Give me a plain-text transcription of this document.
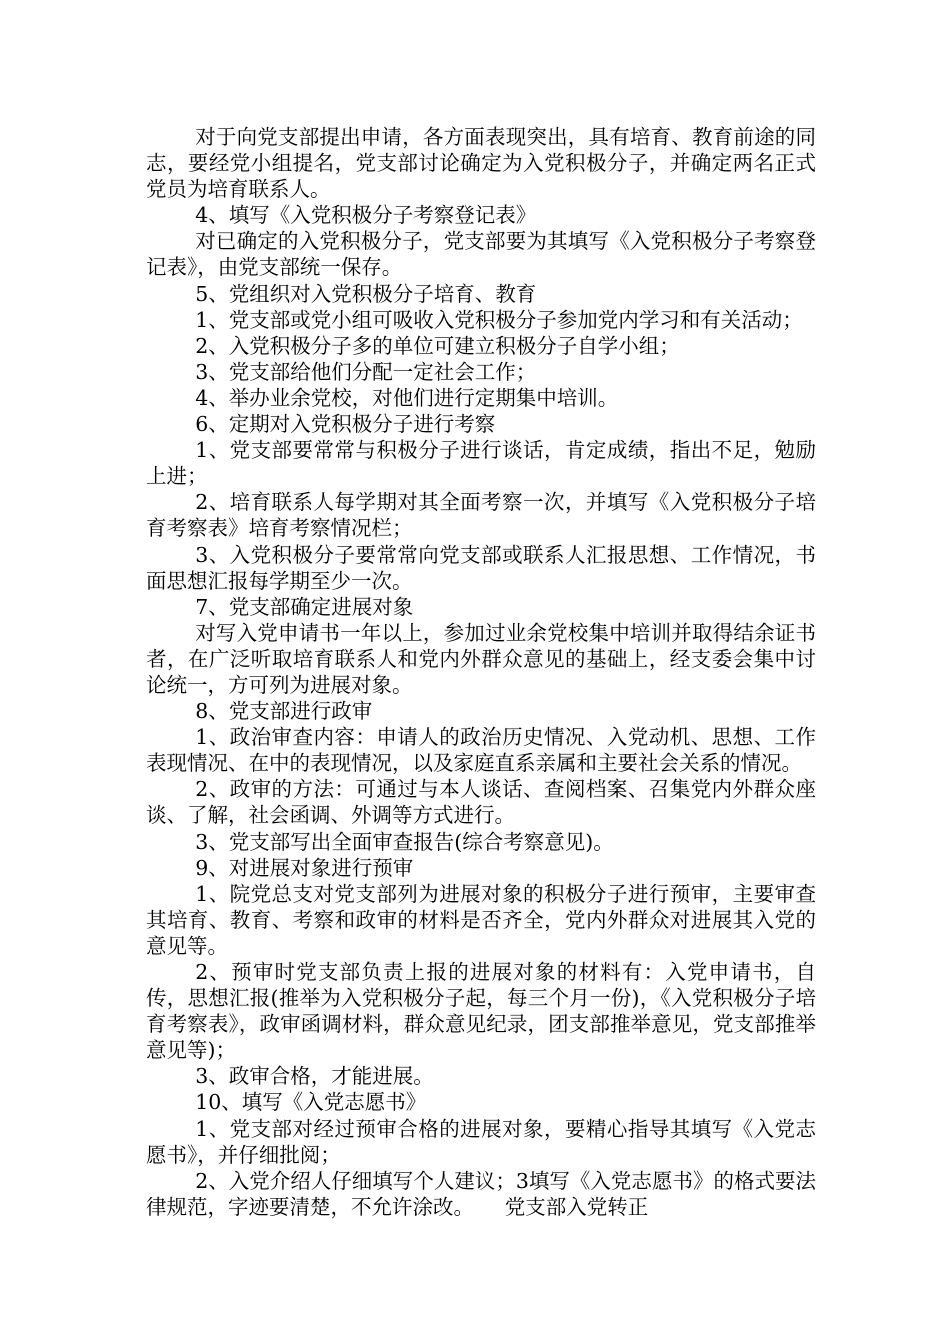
对于向党支部提出申请，各方面表现突出，具有培育、教育前途的同志，要经党小组提名，党支部讨论确定为入党积极分子，并确定两名正式党员为培育联系人。

4、填写《入党积极分子考察登记表》

对已确定的入党积极分子，党支部要为其填写《入党积极分子考察登记表》，由党支部统一保存。

5、党组织对入党积极分子培育、教育

1、党支部或党小组可吸收入党积极分子参加党内学习和有关活动；

2、入党积极分子多的单位可建立积极分子自学小组；

3、党支部给他们分配一定社会工作；

4、举办业余党校，对他们进行定期集中培训。

6、定期对入党积极分子进行考察

1、党支部要常常与积极分子进行谈话，肯定成绩，指出不足，勉励上进；

2、培育联系人每学期对其全面考察一次，并填写《入党积极分子培育考察表》培育考察情况栏；

3、入党积极分子要常常向党支部或联系人汇报思想、工作情况，书面思想汇报每学期至少一次。

7、党支部确定进展对象

对写入党申请书一年以上，参加过业余党校集中培训并取得结余证书者，在广泛听取培育联系人和党内外群众意见的基础上，经支委会集中讨论统一，方可列为进展对象。

8、党支部进行政审

1、政治审查内容：申请人的政治历史情况、入党动机、思想、工作表现情况、在中的表现情况，以及家庭直系亲属和主要社会关系的情况。

2、政审的方法：可通过与本人谈话、查阅档案、召集党内外群众座谈、了解，社会函调、外调等方式进行。

3、党支部写出全面审查报告(综合考察意见)。

9、对进展对象进行预审

1、院党总支对党支部列为进展对象的积极分子进行预审，主要审查其培育、教育、考察和政审的材料是否齐全，党内外群众对进展其入党的意见等。

2、预审时党支部负责上报的进展对象的材料有：入党申请书，自传，思想汇报(推举为入党积极分子起，每三个月一份)，《入党积极分子培育考察表》，政审函调材料，群众意见纪录，团支部推举意见，党支部推举意见等)；

3、政审合格，才能进展。

10、填写《入党志愿书》

1、党支部对经过预审合格的进展对象，要精心指导其填写《入党志愿书》，并仔细批阅；

2、入党介绍人仔细填写个人建议；3填写《入党志愿书》的格式要法律规范，字迹要清楚，不允许涂改。　　党支部入党转正
